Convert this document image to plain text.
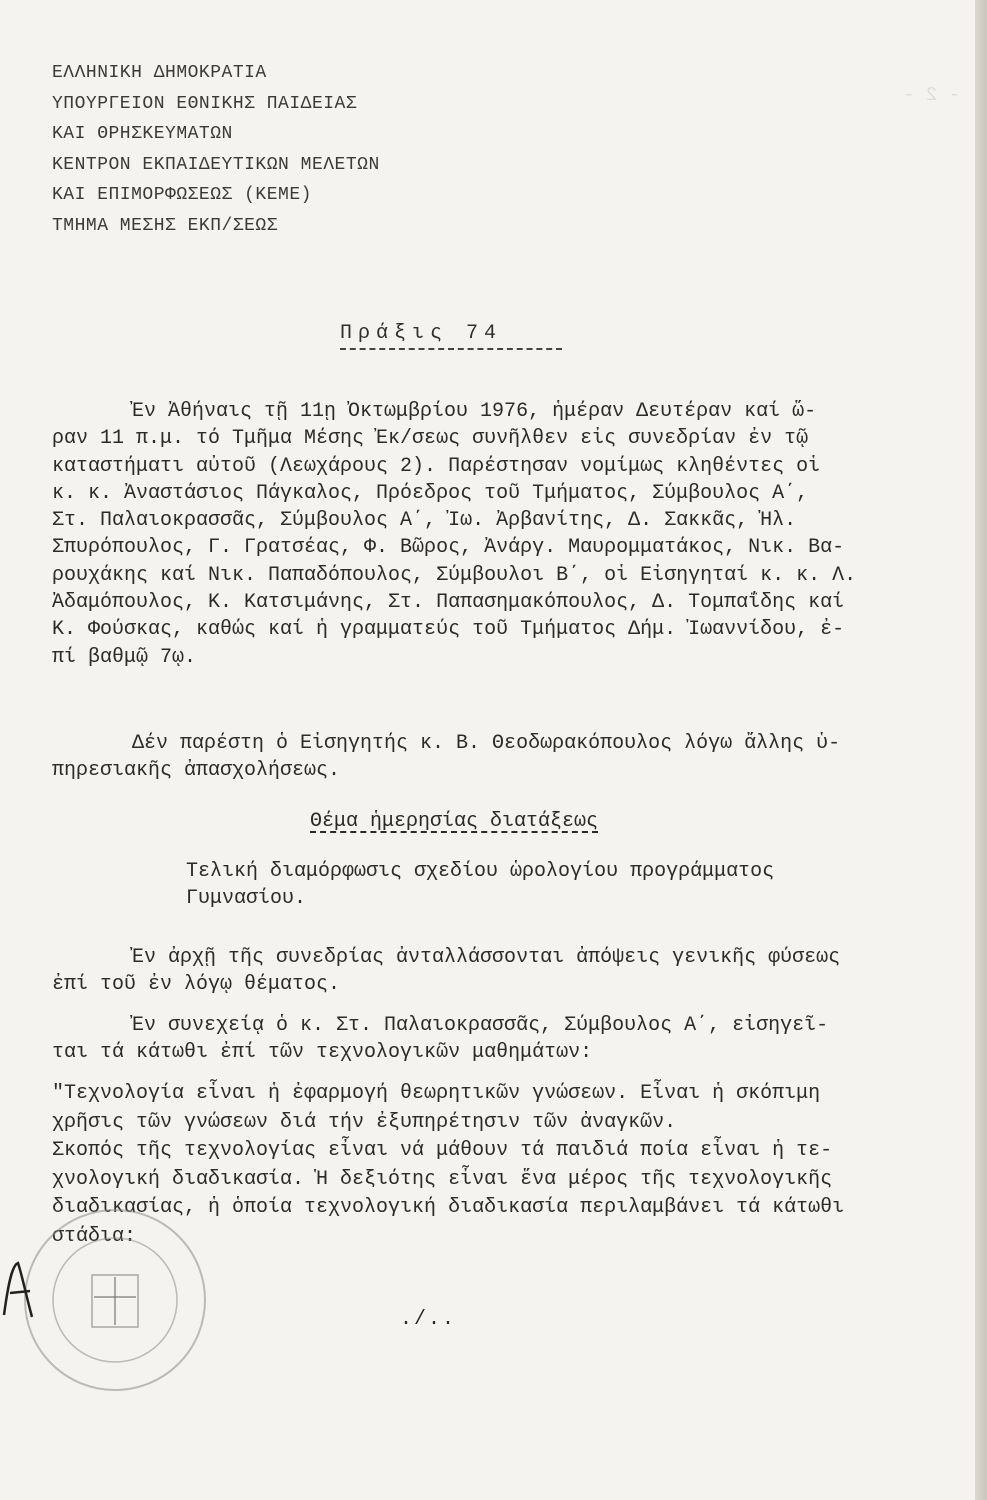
- 2 -
ΕΛΛΗΝΙΚΗ ΔΗΜΟΚΡΑΤΙΑ
ΥΠΟΥΡΓΕΙΟΝ ΕΘΝΙΚΗΣ ΠΑΙΔΕΙΑΣ
ΚΑΙ ΘΡΗΣΚΕΥΜΑΤΩΝ
ΚΕΝΤΡΟΝ ΕΚΠΑΙΔΕΥΤΙΚΩΝ ΜΕΛΕΤΩΝ
ΚΑΙ ΕΠΙΜΟΡΦΩΣΕΩΣ (ΚΕΜΕ)
ΤΜΗΜΑ ΜΕΣΗΣ ΕΚΠ/ΣΕΩΣ
Πράξις 74
Ἐν Ἀθήναις τῇ 11ῃ Ὀκτωμβρίου 1976, ἡμέραν Δευτέραν καί ὥ-
ραν 11 π.μ. τό Τμῆμα Μέσης Ἐκ/σεως συνῆλθεν εἰς συνεδρίαν ἐν τῷ
καταστήματι αὐτοῦ (Λεωχάρους 2). Παρέστησαν νομίμως κληθέντες οἱ
κ. κ. Ἀναστάσιος Πάγκαλος, Πρόεδρος τοῦ Τμήματος, Σύμβουλος Α΄,
Στ. Παλαιοκρασσᾶς, Σύμβουλος Α΄, Ἰω. Ἀρβανίτης, Δ. Σακκᾶς, Ἠλ.
Σπυρόπουλος, Γ. Γρατσέας, Φ. Βῶρος, Ἀνάργ. Μαυρομματάκος, Νικ. Βα-
ρουχάκης καί Νικ. Παπαδόπουλος, Σύμβουλοι Β΄, οἱ Εἰσηγηταί κ. κ. Λ.
Ἀδαμόπουλος, Κ. Κατσιμάνης, Στ. Παπασημακόπουλος, Δ. Τομπαΐδης καί
Κ. Φούσκας, καθώς καί ἡ γραμματεύς τοῦ Τμήματος Δήμ. Ἰωαννίδου, ἐ-
πί βαθμῷ 7ῳ.
Δέν παρέστη ὁ Εἰσηγητής κ. Β. Θεοδωρακόπουλος λόγω ἄλλης ὑ-
πηρεσιακῆς ἀπασχολήσεως.
Θέμα ἡμερησίας διατάξεως
Τελική διαμόρφωσις σχεδίου ὡρολογίου προγράμματος
Γυμνασίου.
Ἐν ἀρχῇ τῆς συνεδρίας ἀνταλλάσσονται ἀπόψεις γενικῆς φύσεως
ἐπί τοῦ ἐν λόγῳ θέματος.
Ἐν συνεχείᾳ ὁ κ. Στ. Παλαιοκρασσᾶς, Σύμβουλος Α΄, εἰσηγεῖ-
ται τά κάτωθι ἐπί τῶν τεχνολογικῶν μαθημάτων:
"Τεχνολογία εἶναι ἡ ἐφαρμογή θεωρητικῶν γνώσεων. Εἶναι ἡ σκόπιμη
χρῆσις τῶν γνώσεων διά τήν ἐξυπηρέτησιν τῶν ἀναγκῶν.
Σκοπός τῆς τεχνολογίας εἶναι νά μάθουν τά παιδιά ποία εἶναι ἡ τε-
χνολογική διαδικασία. Ἡ δεξιότης εἶναι ἕνα μέρος τῆς τεχνολογικῆς
διαδικασίας, ἡ ὁποία τεχνολογική διαδικασία περιλαμβάνει τά κάτωθι
στάδια:
./..
